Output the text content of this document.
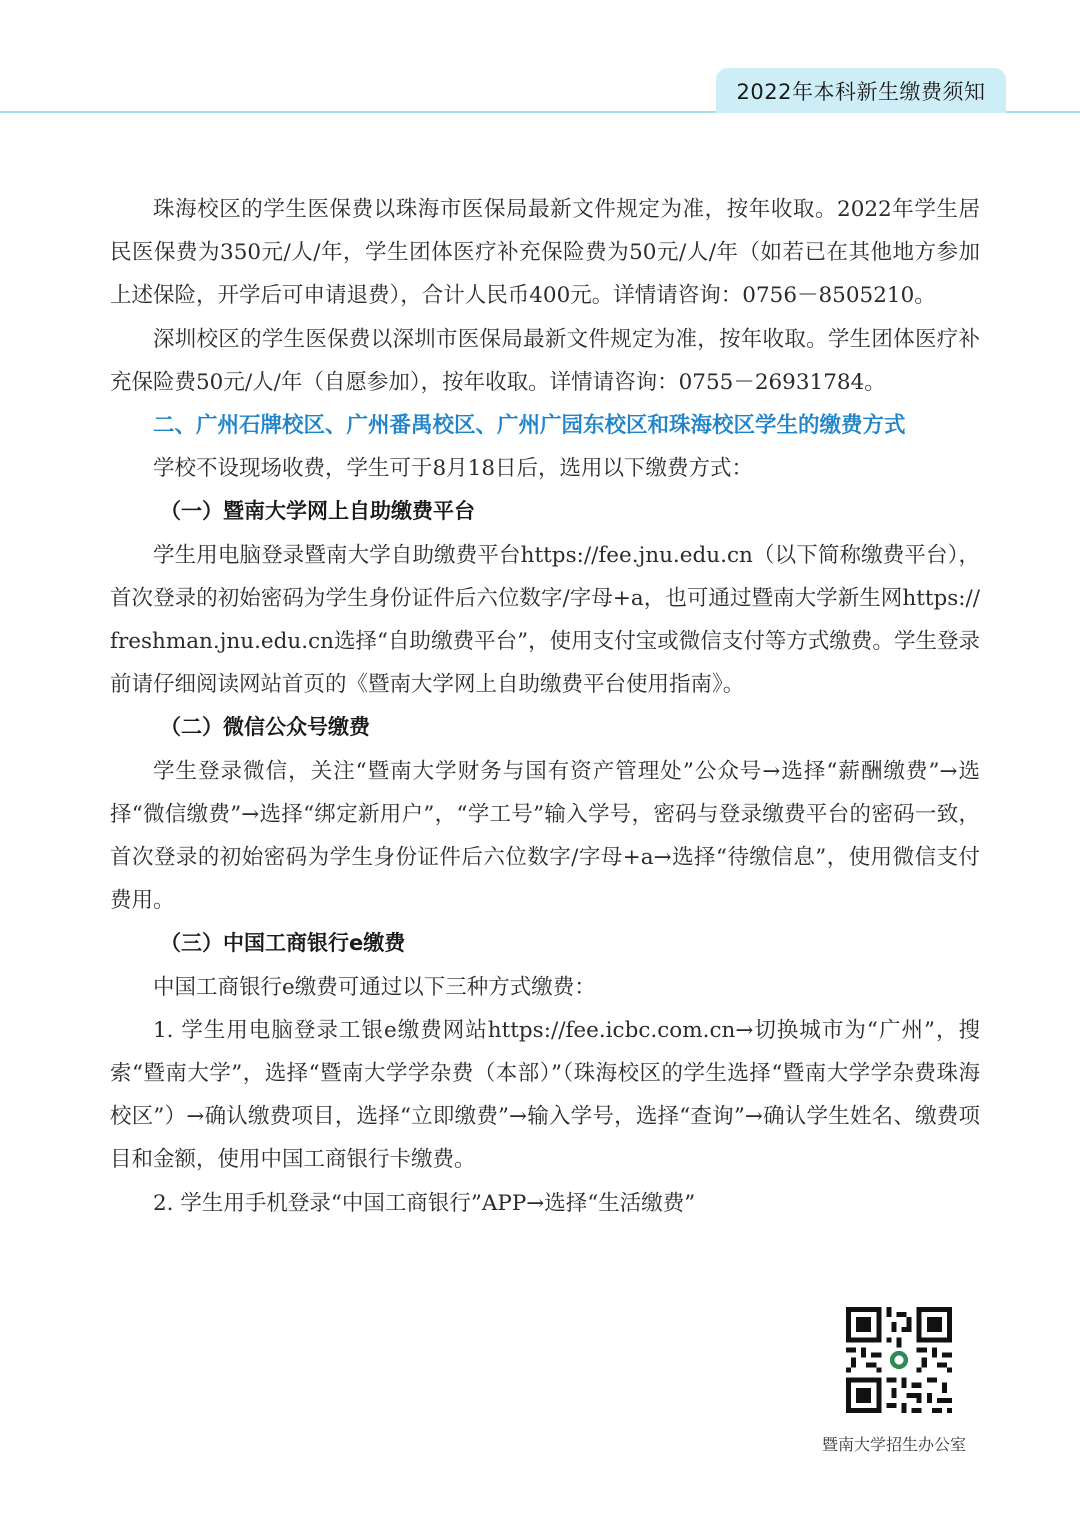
2022年本科新生缴费须知

珠海校区的学生医保费以珠海市医保局最新文件规定为准，按年收取。2022年学生居民医保费为350元/人/年，学生团体医疗补充保险费为50元/人/年（如若已在其他地方参加上述保险，开学后可申请退费），合计人民币400元。详情请咨询：0756－8505210。

深圳校区的学生医保费以深圳市医保局最新文件规定为准，按年收取。学生团体医疗补充保险费50元/人/年（自愿参加），按年收取。详情请咨询：0755－26931784。

二、广州石牌校区、广州番禺校区、广州广园东校区和珠海校区学生的缴费方式

学校不设现场收费，学生可于8月18日后，选用以下缴费方式：

（一）暨南大学网上自助缴费平台

学生用电脑登录暨南大学自助缴费平台https://fee.jnu.edu.cn（以下简称缴费平台），首次登录的初始密码为学生身份证件后六位数字/字母+a，也可通过暨南大学新生网https://freshman.jnu.edu.cn选择“自助缴费平台”，使用支付宝或微信支付等方式缴费。学生登录前请仔细阅读网站首页的《暨南大学网上自助缴费平台使用指南》。

（二）微信公众号缴费

学生登录微信，关注“暨南大学财务与国有资产管理处”公众号→选择“薪酬缴费”→选择“微信缴费”→选择“绑定新用户”，“学工号”输入学号，密码与登录缴费平台的密码一致，首次登录的初始密码为学生身份证件后六位数字/字母+a→选择“待缴信息”，使用微信支付费用。

（三）中国工商银行e缴费

中国工商银行e缴费可通过以下三种方式缴费：

1. 学生用电脑登录工银e缴费网站https://fee.icbc.com.cn→切换城市为“广州”，搜索“暨南大学”，选择“暨南大学学杂费（本部）”（珠海校区的学生选择“暨南大学学杂费珠海校区”）→确认缴费项目，选择“立即缴费”→输入学号，选择“查询”→确认学生姓名、缴费项目和金额，使用中国工商银行卡缴费。

2. 学生用手机登录“中国工商银行”APP→选择“生活缴费”

暨南大学招生办公室
